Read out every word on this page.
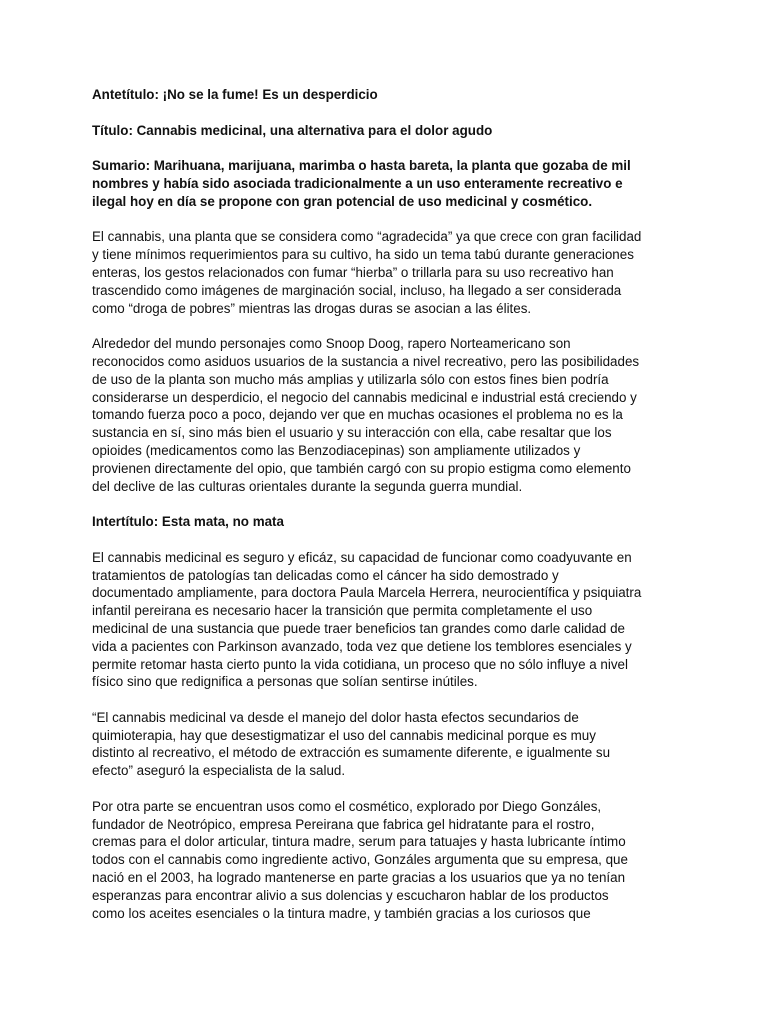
Antetítulo: ¡No se la fume! Es un desperdicio

Título: Cannabis medicinal, una alternativa para el dolor agudo

Sumario: Marihuana, marijuana, marimba o hasta bareta, la planta que gozaba de mil
nombres y había sido asociada tradicionalmente a un uso enteramente recreativo e
ilegal hoy en día se propone con gran potencial de uso medicinal y cosmético.

El cannabis, una planta que se considera como “agradecida” ya que crece con gran facilidad
y tiene mínimos requerimientos para su cultivo, ha sido un tema tabú durante generaciones
enteras, los gestos relacionados con fumar “hierba” o trillarla para su uso recreativo han
trascendido como imágenes de marginación social, incluso, ha llegado a ser considerada
como “droga de pobres” mientras las drogas duras se asocian a las élites.

Alrededor del mundo personajes como Snoop Doog, rapero Norteamericano son
reconocidos como asiduos usuarios de la sustancia a nivel recreativo, pero las posibilidades
de uso de la planta son mucho más amplias y utilizarla sólo con estos fines bien podría
considerarse un desperdicio, el negocio del cannabis medicinal e industrial está creciendo y
tomando fuerza poco a poco, dejando ver que en muchas ocasiones el problema no es la
sustancia en sí, sino más bien el usuario y su interacción con ella, cabe resaltar que los
opioides (medicamentos como las Benzodiacepinas) son ampliamente utilizados y
provienen directamente del opio, que también cargó con su propio estigma como elemento
del declive de las culturas orientales durante la segunda guerra mundial.

Intertítulo: Esta mata, no mata

El cannabis medicinal es seguro y eficáz, su capacidad de funcionar como coadyuvante en
tratamientos de patologías tan delicadas como el cáncer ha sido demostrado y
documentado ampliamente, para doctora Paula Marcela Herrera, neurocientífica y psiquiatra
infantil pereirana es necesario hacer la transición que permita completamente el uso
medicinal de una sustancia que puede traer beneficios tan grandes como darle calidad de
vida a pacientes con Parkinson avanzado, toda vez que detiene los temblores esenciales y
permite retomar hasta cierto punto la vida cotidiana, un proceso que no sólo influye a nivel
físico sino que redignifica a personas que solían sentirse inútiles.

“El cannabis medicinal va desde el manejo del dolor hasta efectos secundarios de
quimioterapia, hay que desestigmatizar el uso del cannabis medicinal porque es muy
distinto al recreativo, el método de extracción es sumamente diferente, e igualmente su
efecto” aseguró la especialista de la salud.

Por otra parte se encuentran usos como el cosmético, explorado por Diego Gonzáles,
fundador de Neotrópico, empresa Pereirana que fabrica gel hidratante para el rostro,
cremas para el dolor articular, tintura madre, serum para tatuajes y hasta lubricante íntimo
todos con el cannabis como ingrediente activo, Gonzáles argumenta que su empresa, que
nació en el 2003, ha logrado mantenerse en parte gracias a los usuarios que ya no tenían
esperanzas para encontrar alivio a sus dolencias y escucharon hablar de los productos
como los aceites esenciales o la tintura madre, y también gracias a los curiosos que
